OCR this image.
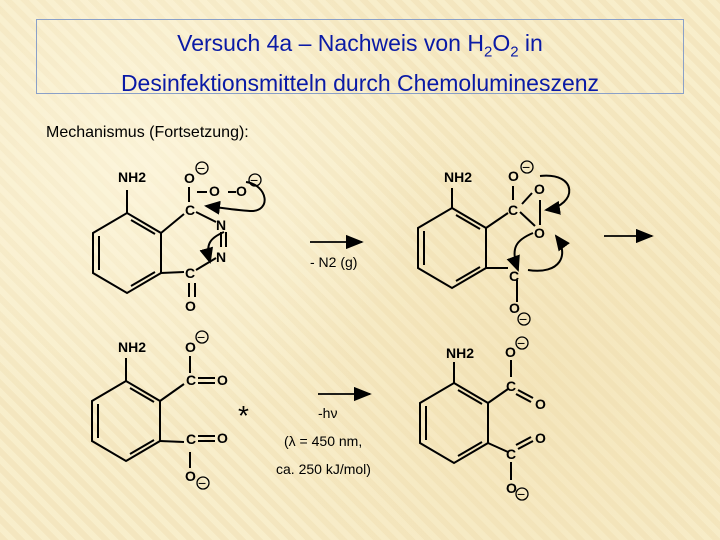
Versuch 4a – Nachweis von $H_2O_2$ in
Desinfektionsmitteln durch Chemolumineszenz
Mechanismus (Fortsetzung):
NH2	O
O O
C
N
N
C
O
−
−
- N2 (g)
NH2	O
O
C
O
C
O
−
−
NH2	O
C O
C O
O
−
−
*	-hν
(λ = 450 nm,
ca. 250 kJ/mol)
NH2 O
C
O
O
C
O
−
−
